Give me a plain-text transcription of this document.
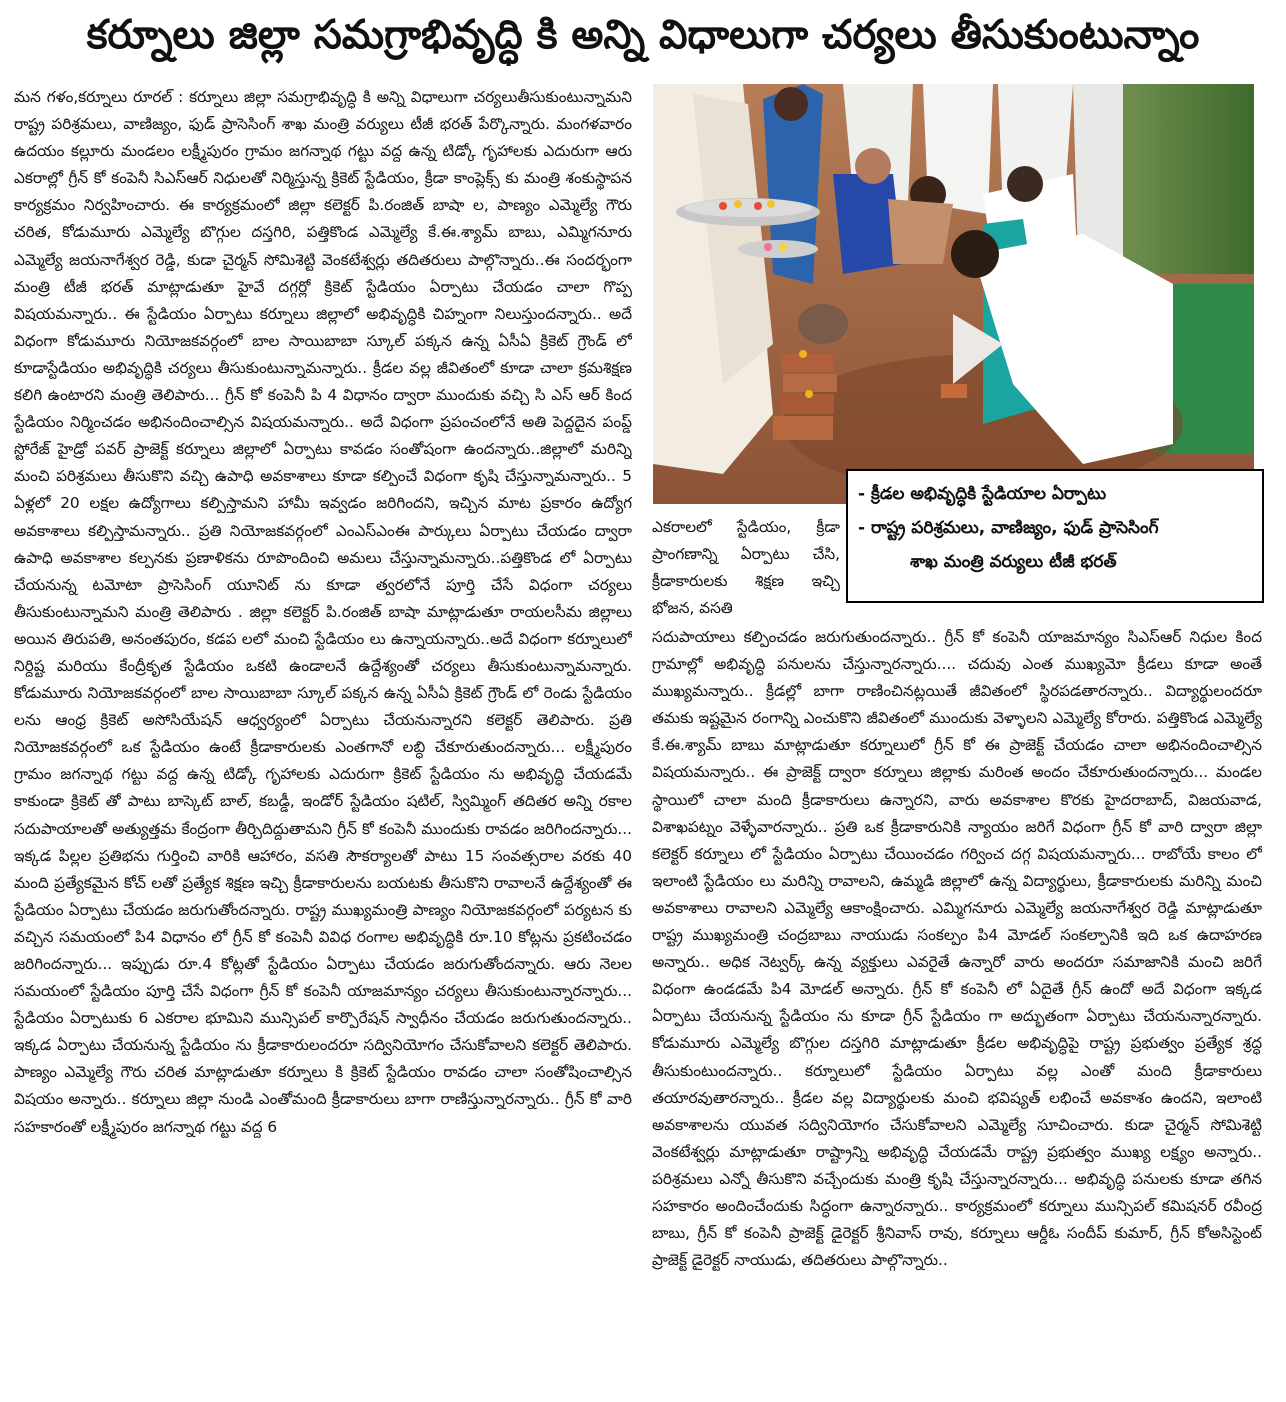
కర్నూలు జిల్లా సమగ్రాభివృద్ధి కి అన్ని విధాలుగా చర్యలు తీసుకుంటున్నాం
మన గళం,కర్నూలు రూరల్ : కర్నూలు జిల్లా సమగ్రాభివృద్ధి కి అన్ని విధాలుగా చర్యలుతీసుకుంటున్నామని రాష్ట్ర పరిశ్రమలు, వాణిజ్యం, ఫుడ్ ప్రాసెసింగ్ శాఖ మంత్రి వర్యులు టీజీ భరత్ పేర్కొన్నారు. మంగళవారం ఉదయం కల్లూరు మండలం లక్ష్మీపురం గ్రామం జగన్నాథ గట్టు వద్ద ఉన్న టిడ్కో గృహాలకు ఎదురుగా ఆరు ఎకరాల్లో గ్రీన్ కో కంపెనీ సిఎస్ఆర్ నిధులతో నిర్మిస్తున్న క్రికెట్ స్టేడియం, క్రీడా కాంప్లెక్స్ కు మంత్రి శంకుస్థాపన కార్యక్రమం నిర్వహించారు. ఈ కార్యక్రమంలో జిల్లా కలెక్టర్ పి.రంజిత్ బాషా ల, పాణ్యం ఎమ్మెల్యే గౌరు చరిత, కోడుమూరు ఎమ్మెల్యే బొగ్గుల దస్తగిరి, పత్తికొండ ఎమ్మెల్యే కే.ఈ.శ్యామ్ బాబు, ఎమ్మిగనూరు ఎమ్మెల్యే జయనాగేశ్వర రెడ్డి, కుడా చైర్మన్ సోమిశెట్టి వెంకటేశ్వర్లు తదితరులు పాల్గొన్నారు..ఈ సందర్భంగా మంత్రి టీజీ భరత్ మాట్లాడుతూ హైవే దగ్గర్లో క్రికెట్ స్టేడియం ఏర్పాటు చేయడం చాలా గొప్ప విషయమన్నారు.. ఈ స్టేడియం ఏర్పాటు కర్నూలు జిల్లాలో అభివృద్ధికి చిహ్నంగా నిలుస్తుందన్నారు.. అదే విధంగా కోడుమూరు నియోజకవర్గంలో బాల సాయిబాబా స్కూల్ పక్కన ఉన్న ఏసీఏ క్రికెట్ గ్రౌండ్ లో కూడాస్టేడియం అభివృద్ధికి చర్యలు తీసుకుంటున్నామన్నారు.. క్రీడల వల్ల జీవితంలో కూడా చాలా క్రమశిక్షణ కలిగి ఉంటారని మంత్రి తెలిపారు... గ్రీన్ కో కంపెనీ పి 4 విధానం ద్వారా ముందుకు వచ్చి సి ఎస్ ఆర్ కింద స్టేడియం నిర్మించడం అభినందించాల్సిన విషయమన్నారు.. అదే విధంగా ప్రపంచంలోనే అతి పెద్దదైన పంప్డ్ స్టోరేజ్ హైడ్రో పవర్ ప్రాజెక్ట్ కర్నూలు జిల్లాలో ఏర్పాటు కావడం సంతోషంగా ఉందన్నారు..జిల్లాలో మరిన్ని మంచి పరిశ్రమలు తీసుకొని వచ్చి ఉపాధి అవకాశాలు కూడా కల్పించే విధంగా కృషి చేస్తున్నామన్నారు.. 5 ఏళ్లలో 20 లక్షల ఉద్యోగాలు కల్పిస్తామని హామీ ఇవ్వడం జరిగిందని, ఇచ్చిన మాట ప్రకారం ఉద్యోగ అవకాశాలు కల్పిస్తామన్నారు.. ప్రతి నియోజకవర్గంలో ఎంఎస్ఎంఈ పార్కులు ఏర్పాటు చేయడం ద్వారా ఉపాధి అవకాశాల కల్పనకు ప్రణాళికను రూపొందించి అమలు చేస్తున్నామన్నారు..పత్తికొండ లో ఏర్పాటు చేయనున్న టమోటా ప్రాసెసింగ్ యూనిట్ ను కూడా త్వరలోనే పూర్తి చేసే విధంగా చర్యలు తీసుకుంటున్నామని మంత్రి తెలిపారు . జిల్లా కలెక్టర్ పి.రంజిత్ బాషా మాట్లాడుతూ రాయలసీమ జిల్లాలు అయిన తిరుపతి, అనంతపురం, కడప లలో మంచి స్టేడియం లు ఉన్నాయన్నారు..అదే విధంగా కర్నూలులో నిర్దిష్ట మరియు కేంద్రీకృత స్టేడియం ఒకటి ఉండాలనే ఉద్దేశ్యంతో చర్యలు తీసుకుంటున్నామన్నారు. కోడుమూరు నియోజకవర్గంలో బాల సాయిబాబా స్కూల్ పక్కన ఉన్న ఏసీఏ క్రికెట్ గ్రౌండ్ లో రెండు స్టేడియం లను ఆంధ్ర క్రికెట్ అసోసియేషన్ ఆధ్వర్యంలో ఏర్పాటు చేయనున్నారని కలెక్టర్ తెలిపారు. ప్రతి నియోజకవర్గంలో ఒక స్టేడియం ఉంటే క్రీడాకారులకు ఎంతగానో లబ్ధి చేకూరుతుందన్నారు... లక్ష్మీపురం గ్రామం జగన్నాథ గట్టు వద్ద ఉన్న టిడ్కో గృహాలకు ఎదురుగా క్రికెట్ స్టేడియం ను అభివృద్ధి చేయడమే కాకుండా క్రికెట్ తో పాటు బాస్కెట్ బాల్, కబడ్డీ, ఇండోర్ స్టేడియం షటిల్, స్విమ్మింగ్ తదితర అన్ని రకాల సదుపాయాలతో అత్యుత్తమ కేంద్రంగా తీర్చిదిద్దుతామని గ్రీన్ కో కంపెనీ ముందుకు రావడం జరిగిందన్నారు... ఇక్కడ పిల్లల ప్రతిభను గుర్తించి వారికి ఆహారం, వసతి సౌకర్యాలతో పాటు 15 సంవత్సరాల వరకు 40 మంది ప్రత్యేకమైన కోచ్ లతో ప్రత్యేక శిక్షణ ఇచ్చి క్రీడాకారులను బయటకు తీసుకొని రావాలనే ఉద్దేశ్యంతో ఈ స్టేడియం ఏర్పాటు చేయడం జరుగుతోందన్నారు. రాష్ట్ర ముఖ్యమంత్రి పాణ్యం నియోజకవర్గంలో పర్యటన కు వచ్చిన సమయంలో పి4 విధానం లో గ్రీన్ కో కంపెనీ వివిధ రంగాల అభివృద్ధికి రూ.10 కోట్లను ప్రకటించడం జరిగిందన్నారు... ఇప్పుడు రూ.4 కోట్లతో స్టేడియం ఏర్పాటు చేయడం జరుగుతోందన్నారు. ఆరు నెలల సమయంలో స్టేడియం పూర్తి చేసే విధంగా గ్రీన్ కో కంపెనీ యాజమాన్యం చర్యలు తీసుకుంటున్నారన్నారు... స్టేడియం ఏర్పాటుకు 6 ఎకరాల భూమిని మున్సిపల్ కార్పొరేషన్ స్వాధీనం చేయడం జరుగుతుందన్నారు.. ఇక్కడ ఏర్పాటు చేయనున్న స్టేడియం ను క్రీడాకారులందరూ సద్వినియోగం చేసుకోవాలని కలెక్టర్ తెలిపారు. పాణ్యం ఎమ్మెల్యే గౌరు చరిత మాట్లాడుతూ కర్నూలు కి క్రికెట్ స్టేడియం రావడం చాలా సంతోషించాల్సిన విషయం అన్నారు.. కర్నూలు జిల్లా నుండి ఎంతోమంది క్రీడాకారులు బాగా రాణిస్తున్నారన్నారు.. గ్రీన్ కో వారి సహకారంతో లక్ష్మీపురం జగన్నాథ గట్టు వద్ద 6
ఎకరాలలో స్టేడియం, క్రీడా ప్రాంగణాన్ని ఏర్పాటు చేసి, క్రీడాకారులకు శిక్షణ ఇచ్చి భోజన, వసతి
- క్రీడల అభివృద్ధికి స్టేడియాల ఏర్పాటు
- రాష్ట్ర పరిశ్రమలు, వాణిజ్యం, ఫుడ్ ప్రాసెసింగ్
శాఖ మంత్రి వర్యులు టీజీ భరత్
సదుపాయాలు కల్పించడం జరుగుతుందన్నారు.. గ్రీన్ కో కంపెనీ యాజమాన్యం సిఎస్ఆర్ నిధుల కింద గ్రామాల్లో అభివృద్ధి పనులను చేస్తున్నారన్నారు.... చదువు ఎంత ముఖ్యమో క్రీడలు కూడా అంతే ముఖ్యమన్నారు.. క్రీడల్లో బాగా రాణించినట్లయితే జీవితంలో స్థిరపడతారన్నారు.. విద్యార్థులందరూ తమకు ఇష్టమైన రంగాన్ని ఎంచుకొని జీవితంలో ముందుకు వెళ్ళాలని ఎమ్మెల్యే కోరారు. పత్తికొండ ఎమ్మెల్యే కే.ఈ.శ్యామ్ బాబు మాట్లాడుతూ కర్నూలులో గ్రీన్ కో ఈ ప్రాజెక్ట్ చేయడం చాలా అభినందించాల్సిన విషయమన్నారు.. ఈ ప్రాజెక్ట్ ద్వారా కర్నూలు జిల్లాకు మరింత అందం చేకూరుతుందన్నారు... మండల స్థాయిలో చాలా మంది క్రీడాకారులు ఉన్నారని, వారు అవకాశాల కొరకు హైదరాబాద్, విజయవాడ, విశాఖపట్నం వెళ్ళేవారన్నారు.. ప్రతి ఒక క్రీడాకారునికి న్యాయం జరిగే విధంగా గ్రీన్ కో వారి ద్వారా జిల్లా కలెక్టర్ కర్నూలు లో స్టేడియం ఏర్పాటు చేయించడం గర్వించ దగ్గ విషయమన్నారు... రాబోయే కాలం లో ఇలాంటి స్టేడియం లు మరిన్ని రావాలని, ఉమ్మడి జిల్లాలో ఉన్న విద్యార్థులు, క్రీడాకారులకు మరిన్ని మంచి అవకాశాలు రావాలని ఎమ్మెల్యే ఆకాంక్షించారు. ఎమ్మిగనూరు ఎమ్మెల్యే జయనాగేశ్వర రెడ్డి మాట్లాడుతూ రాష్ట్ర ముఖ్యమంత్రి చంద్రబాబు నాయుడు సంకల్పం పి4 మోడల్ సంకల్పానికి ఇది ఒక ఉదాహరణ అన్నారు.. అధిక నెట్వర్క్ ఉన్న వ్యక్తులు ఎవరైతే ఉన్నారో వారు అందరూ సమాజానికి మంచి జరిగే విధంగా ఉండడమే పి4 మోడల్ అన్నారు. గ్రీన్ కో కంపెనీ లో ఏదైతే గ్రీన్ ఉందో అదే విధంగా ఇక్కడ ఏర్పాటు చేయనున్న స్టేడియం ను కూడా గ్రీన్ స్టేడియం గా అద్భుతంగా ఏర్పాటు చేయనున్నారన్నారు. కోడుమూరు ఎమ్మెల్యే బొగ్గుల దస్తగిరి మాట్లాడుతూ క్రీడల అభివృద్ధిపై రాష్ట్ర ప్రభుత్వం ప్రత్యేక శ్రద్ధ తీసుకుంటుందన్నారు.. కర్నూలులో స్టేడియం ఏర్పాటు వల్ల ఎంతో మంది క్రీడాకారులు తయారవుతారన్నారు.. క్రీడల వల్ల విద్యార్థులకు మంచి భవిష్యత్ లభించే అవకాశం ఉందని, ఇలాంటి అవకాశాలను యువత సద్వినియోగం చేసుకోవాలని ఎమ్మెల్యే సూచించారు. కుడా చైర్మన్ సోమిశెట్టి వెంకటేశ్వర్లు మాట్లాడుతూ రాష్ట్రాన్ని అభివృద్ధి చేయడమే రాష్ట్ర ప్రభుత్వం ముఖ్య లక్ష్యం అన్నారు.. పరిశ్రమలు ఎన్నో తీసుకొని వచ్చేందుకు మంత్రి కృషి చేస్తున్నారన్నారు... అభివృద్ధి పనులకు కూడా తగిన సహకారం అందించేందుకు సిద్ధంగా ఉన్నారన్నారు.. కార్యక్రమంలో కర్నూలు మున్సిపల్ కమిషనర్ రవీంద్ర బాబు, గ్రీన్ కో కంపెనీ ప్రాజెక్ట్ డైరెక్టర్ శ్రీనివాస్ రావు, కర్నూలు ఆర్డీఓ సందీప్ కుమార్, గ్రీన్ కోఅసిస్టెంట్ ప్రాజెక్ట్ డైరెక్టర్ నాయుడు, తదితరులు పాల్గొన్నారు..
